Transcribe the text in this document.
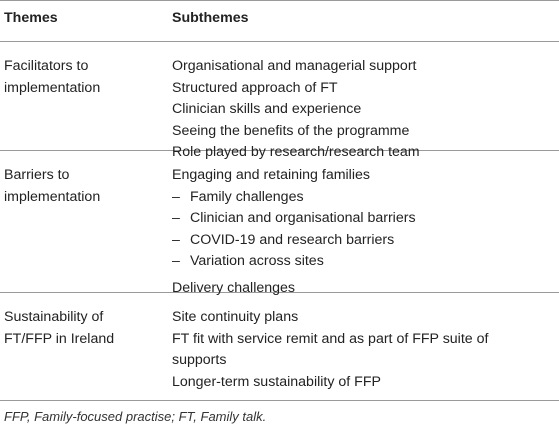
Themes	Subthemes
Facilitators to
implementation
Organisational and managerial support
Structured approach of FT
Clinician skills and experience
Seeing the benefits of the programme
Role played by research/research team
Barriers to
implementation
Engaging and retaining families
– Family challenges
– Clinician and organisational barriers
– COVID-19 and research barriers
– Variation across sites
Delivery challenges
Sustainability of
FT/FFP in Ireland
Site continuity plans
FT fit with service remit and as part of FFP suite of supports
Longer-term sustainability of FFP
FFP, Family-focused practise; FT, Family talk.
